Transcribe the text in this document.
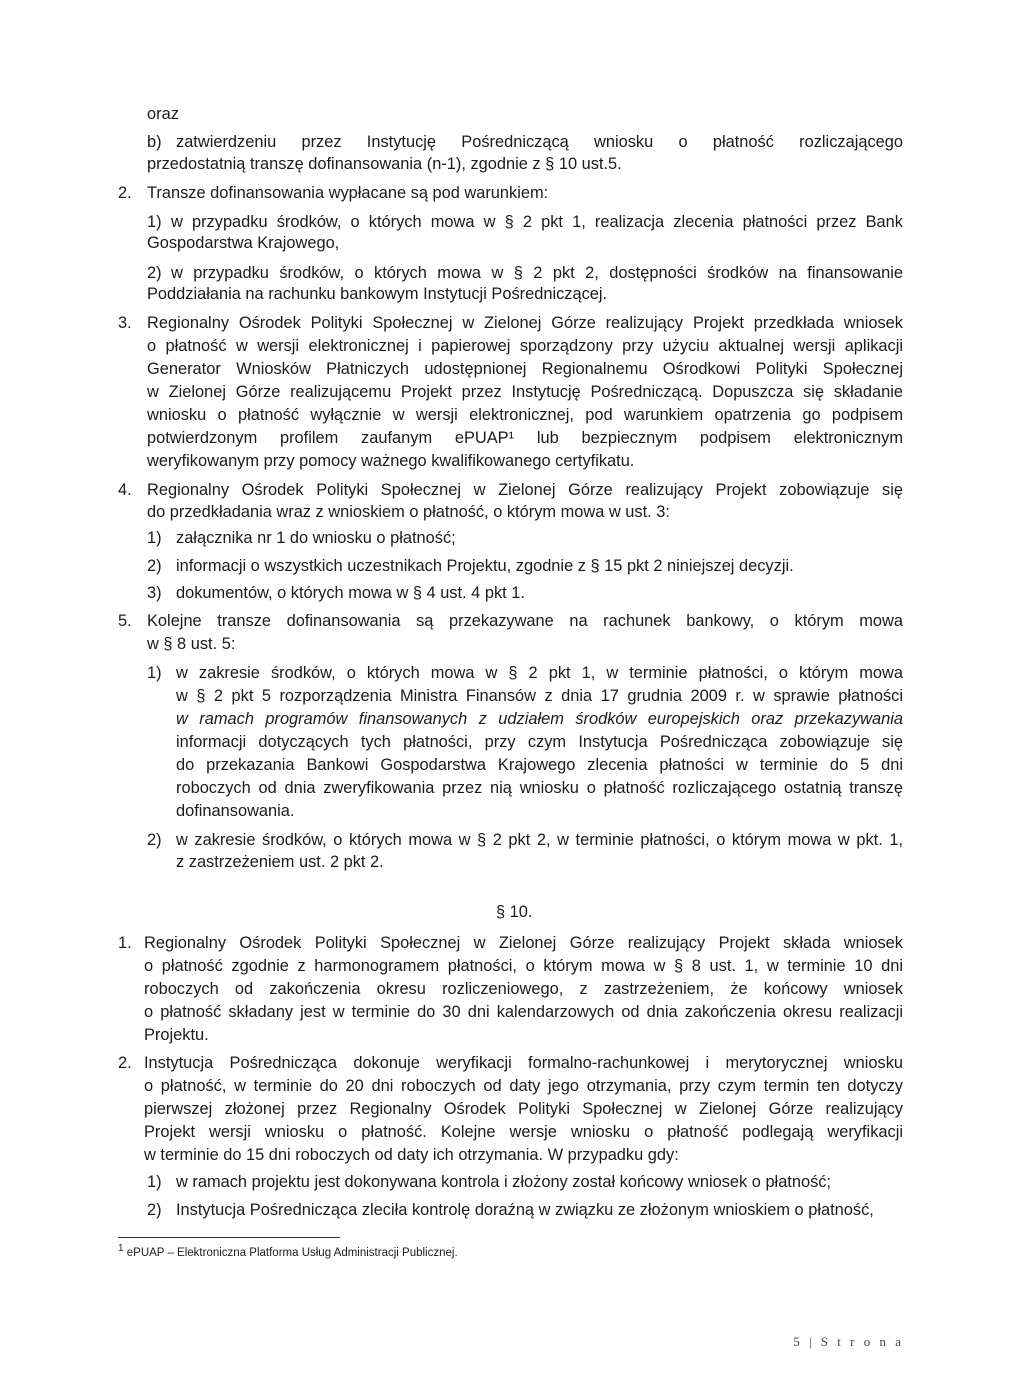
oraz
b) zatwierdzeniu przez Instytucję Pośredniczącą wniosku o płatność rozliczającego
przedostatnią transzę dofinansowania (n-1), zgodnie z § 10 ust.5.
2. Transze dofinansowania wypłacane są pod warunkiem:
1) w przypadku środków, o których mowa w § 2 pkt 1, realizacja zlecenia płatności przez Bank
Gospodarstwa Krajowego,
2) w przypadku środków, o których mowa w § 2 pkt 2, dostępności środków na finansowanie
Poddziałania na rachunku bankowym Instytucji Pośredniczącej.
3. Regionalny Ośrodek Polityki Społecznej w Zielonej Górze realizujący Projekt przedkłada wniosek
o płatność w wersji elektronicznej i papierowej sporządzony przy użyciu aktualnej wersji aplikacji
Generator Wniosków Płatniczych udostępnionej Regionalnemu Ośrodkowi Polityki Społecznej
w Zielonej Górze realizującemu Projekt przez Instytucję Pośredniczącą. Dopuszcza się składanie
wniosku o płatność wyłącznie w wersji elektronicznej, pod warunkiem opatrzenia go podpisem
potwierdzonym profilem zaufanym ePUAP¹ lub bezpiecznym podpisem elektronicznym
weryfikowanym przy pomocy ważnego kwalifikowanego certyfikatu.
4. Regionalny Ośrodek Polityki Społecznej w Zielonej Górze realizujący Projekt zobowiązuje się
do przedkładania wraz z wnioskiem o płatność, o którym mowa w ust. 3:
1) załącznika nr 1 do wniosku o płatność;
2) informacji o wszystkich uczestnikach Projektu, zgodnie z § 15 pkt 2 niniejszej decyzji.
3) dokumentów, o których mowa w § 4 ust. 4 pkt 1.
5. Kolejne transze dofinansowania są przekazywane na rachunek bankowy, o którym mowa
w § 8 ust. 5:
1) w zakresie środków, o których mowa w § 2 pkt 1, w terminie płatności, o którym mowa
w § 2 pkt 5 rozporządzenia Ministra Finansów z dnia 17 grudnia 2009 r. w sprawie płatności
w ramach programów finansowanych z udziałem środków europejskich oraz przekazywania
informacji dotyczących tych płatności, przy czym Instytucja Pośrednicząca zobowiązuje się
do przekazania Bankowi Gospodarstwa Krajowego zlecenia płatności w terminie do 5 dni
roboczych od dnia zweryfikowania przez nią wniosku o płatność rozliczającego ostatnią transzę
dofinansowania.
2) w zakresie środków, o których mowa w § 2 pkt 2, w terminie płatności, o którym mowa w pkt. 1,
z zastrzeżeniem ust. 2 pkt 2.
§ 10.
1. Regionalny Ośrodek Polityki Społecznej w Zielonej Górze realizujący Projekt składa wniosek
o płatność zgodnie z harmonogramem płatności, o którym mowa w § 8 ust. 1, w terminie 10 dni
roboczych od zakończenia okresu rozliczeniowego, z zastrzeżeniem, że końcowy wniosek
o płatność składany jest w terminie do 30 dni kalendarzowych od dnia zakończenia okresu realizacji
Projektu.
2. Instytucja Pośrednicząca dokonuje weryfikacji formalno-rachunkowej i merytorycznej wniosku
o płatność, w terminie do 20 dni roboczych od daty jego otrzymania, przy czym termin ten dotyczy
pierwszej złożonej przez Regionalny Ośrodek Polityki Społecznej w Zielonej Górze realizujący
Projekt wersji wniosku o płatność. Kolejne wersje wniosku o płatność podlegają weryfikacji
w terminie do 15 dni roboczych od daty ich otrzymania. W przypadku gdy:
1) w ramach projektu jest dokonywana kontrola i złożony został końcowy wniosek o płatność;
2) Instytucja Pośrednicząca zleciła kontrolę doraźną w związku ze złożonym wnioskiem o płatność,
$^1$ ePUAP – Elektroniczna Platforma Usług Administracji Publicznej.
5 | S t r o n a
